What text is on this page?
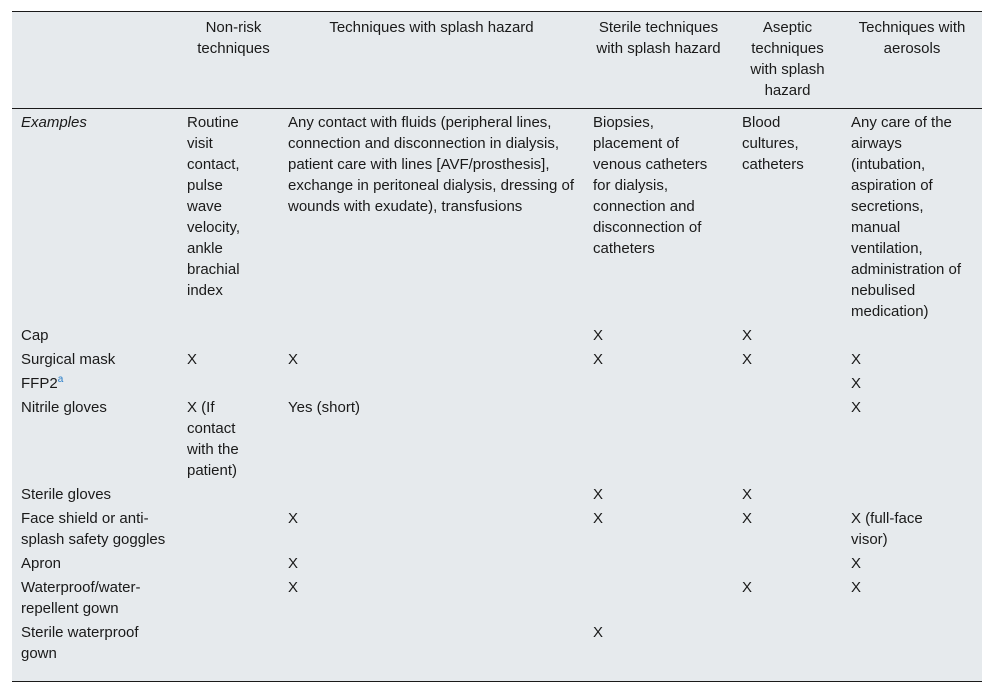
	Non-risk techniques	Techniques with splash hazard	Sterile techniques with splash hazard	Aseptic techniques with splash hazard	Techniques with aerosols
Examples	Routine visit contact, pulse wave velocity, ankle brachial index	Any contact with fluids (peripheral lines, connection and disconnection in dialysis, patient care with lines [AVF/prosthesis], exchange in peritoneal dialysis, dressing of wounds with exudate), transfusions	Biopsies, placement of venous catheters for dialysis, connection and disconnection of catheters	Blood cultures, catheters	Any care of the airways (intubation, aspiration of secretions, manual ventilation, administration of nebulised medication)
Cap			X	X	
Surgical mask	X	X	X	X	X
FFP2$^a$					X
Nitrile gloves	X (If contact with the patient)	Yes (short)			X
Sterile gloves			X	X	
Face shield or anti-splash safety goggles		X	X	X	X (full-face visor)
Apron		X			X
Waterproof/water-repellent gown		X		X	X
Sterile waterproof gown			X		
